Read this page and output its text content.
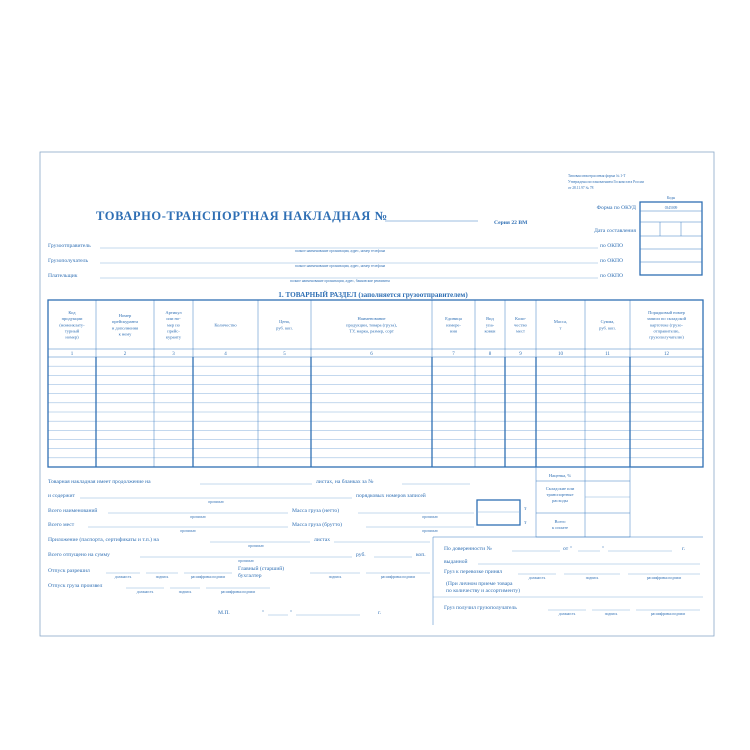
Типовая межотраслевая форма № 1-Т
Утверждена постановлением Госкомстата России
от 28.11.97 № 78
Коды
0345009
Форма по ОКУД
Дата составления
ТОВАРНО-ТРАНСПОРТНАЯ НАКЛАДНАЯ №	Серия 22 ВМ
Грузоотправитель
полное наименование организации, адрес, номер телефона
по ОКПО
Грузополучатель
полное наименование организации, адрес, номер телефона
по ОКПО
Плательщик
полное наименование организации, адрес, банковские реквизиты
по ОКПО
1. ТОВАРНЫЙ РАЗДЕЛ (заполняется грузоотправителем)
Код
продукции
(номенклату-
турный
номер)
1
Номер
прейскуранта
и дополнения
к нему
2
Артикул
или но-
мер по
прейс-
куранту
3
Количество
4
Цена,
руб. коп.
5
Наименование
продукции, товара (груза),
ТУ, марка, размер, сорт
6
Единица
измере-
ния
7
Вид
упа-
ковки
8
Коли-
чество
мест
9
Масса,
т
10
Сумма,
руб. коп.
11
Порядковый номер
записи по складской
картотеке (грузо-
отправителю,
грузополучателю)
12
Наценка, %
Складские или
транспортные
расходы
Всего
к оплате
Товарная накладная имеет продолжение на	листах, на бланках за №
и содержит
прописью
порядковых номеров записей
Всего наименований
прописью
Масса груза (нетто)
прописью
т
Всего мест
прописью
Масса груза (брутто)
прописью
т
Приложение (паспорта, сертификаты и т.п.) на
прописью
листах
Всего отпущено на сумму
прописью
руб.	коп.
Отпуск разрешил
должность	подпись	расшифровка подписи
Главный (старший)
бухгалтер	подпись	расшифровка подписи
Отпуск груза произвел
должность	подпись	расшифровка подписи
М.П.	"	"	г.
По доверенности №	от "	"	г.
выданной
Груз к перевозке принял
должность	подпись	расшифровка подписи
(При личном приеме товара
по количеству и ассортименту)
Груз получил грузополучатель
должность	подпись	расшифровка подписи
